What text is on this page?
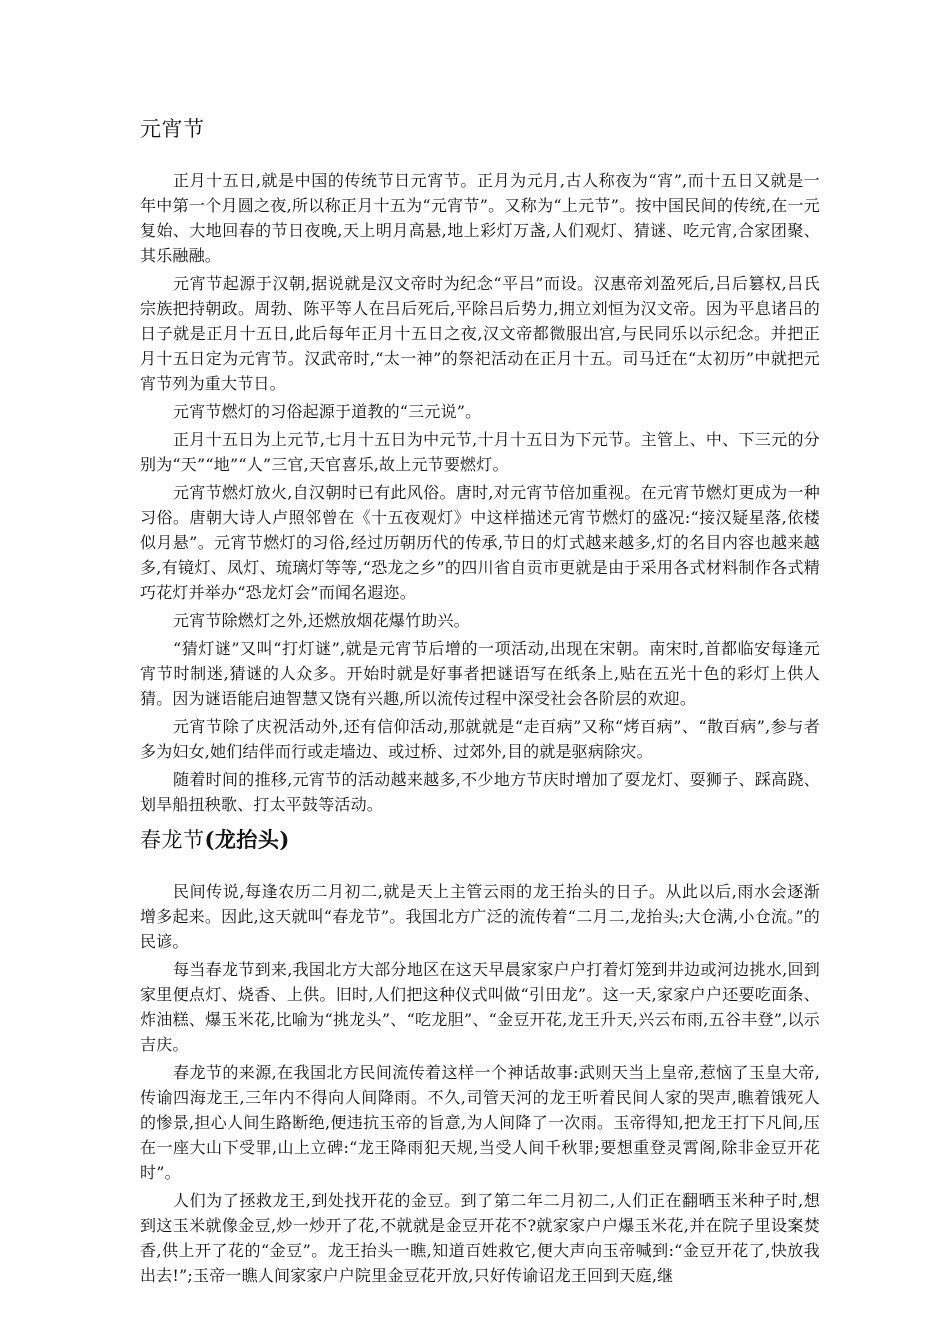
元宵节

正月十五日,就是中国的传统节日元宵节。正月为元月,古人称夜为“宵”,而十五日又就是一年中第一个月圆之夜,所以称正月十五为“元宵节”。又称为“上元节”。按中国民间的传统,在一元复始、大地回春的节日夜晚,天上明月高悬,地上彩灯万盏,人们观灯、猜谜、吃元宵,合家团聚、其乐融融。

元宵节起源于汉朝,据说就是汉文帝时为纪念“平吕”而设。汉惠帝刘盈死后,吕后篡权,吕氏宗族把持朝政。周勃、陈平等人在吕后死后,平除吕后势力,拥立刘恒为汉文帝。因为平息诸吕的日子就是正月十五日,此后每年正月十五日之夜,汉文帝都微服出宫,与民同乐以示纪念。并把正月十五日定为元宵节。汉武帝时,“太一神”的祭祀活动在正月十五。司马迁在“太初历”中就把元宵节列为重大节日。

元宵节燃灯的习俗起源于道教的“三元说”。

正月十五日为上元节,七月十五日为中元节,十月十五日为下元节。主管上、中、下三元的分别为“天”“地”“人”三官,天官喜乐,故上元节要燃灯。

元宵节燃灯放火,自汉朝时已有此风俗。唐时,对元宵节倍加重视。在元宵节燃灯更成为一种习俗。唐朝大诗人卢照邻曾在《十五夜观灯》中这样描述元宵节燃灯的盛况:“接汉疑星落,依楼似月悬”。元宵节燃灯的习俗,经过历朝历代的传承,节日的灯式越来越多,灯的名目内容也越来越多,有镜灯、凤灯、琉璃灯等等,“恐龙之乡”的四川省自贡市更就是由于采用各式材料制作各式精巧花灯并举办“恐龙灯会”而闻名遐迩。

元宵节除燃灯之外,还燃放烟花爆竹助兴。

“猜灯谜”又叫“打灯谜”,就是元宵节后增的一项活动,出现在宋朝。南宋时,首都临安每逢元宵节时制迷,猜谜的人众多。开始时就是好事者把谜语写在纸条上,贴在五光十色的彩灯上供人猜。因为谜语能启迪智慧又饶有兴趣,所以流传过程中深受社会各阶层的欢迎。

元宵节除了庆祝活动外,还有信仰活动,那就就是“走百病”又称“烤百病”、“散百病”,参与者多为妇女,她们结伴而行或走墙边、或过桥、过郊外,目的就是驱病除灾。

随着时间的推移,元宵节的活动越来越多,不少地方节庆时增加了耍龙灯、耍狮子、踩高跷、划旱船扭秧歌、打太平鼓等活动。

春龙节(龙抬头)

民间传说,每逢农历二月初二,就是天上主管云雨的龙王抬头的日子。从此以后,雨水会逐渐增多起来。因此,这天就叫“春龙节”。我国北方广泛的流传着“二月二,龙抬头;大仓满,小仓流。”的民谚。

每当春龙节到来,我国北方大部分地区在这天早晨家家户户打着灯笼到井边或河边挑水,回到家里便点灯、烧香、上供。旧时,人们把这种仪式叫做“引田龙”。这一天,家家户户还要吃面条、炸油糕、爆玉米花,比喻为“挑龙头”、“吃龙胆”、“金豆开花,龙王升天,兴云布雨,五谷丰登”,以示吉庆。

春龙节的来源,在我国北方民间流传着这样一个神话故事:武则天当上皇帝,惹恼了玉皇大帝,传谕四海龙王,三年内不得向人间降雨。不久,司管天河的龙王听着民间人家的哭声,瞧着饿死人的惨景,担心人间生路断绝,便违抗玉帝的旨意,为人间降了一次雨。玉帝得知,把龙王打下凡间,压在一座大山下受罪,山上立碑:“龙王降雨犯天规,当受人间千秋罪;要想重登灵霄阁,除非金豆开花时”。

人们为了拯救龙王,到处找开花的金豆。到了第二年二月初二,人们正在翻晒玉米种子时,想到这玉米就像金豆,炒一炒开了花,不就就是金豆开花不?就家家户户爆玉米花,并在院子里设案焚香,供上开了花的“金豆”。龙王抬头一瞧,知道百姓救它,便大声向玉帝喊到:“金豆开花了,快放我出去!”;玉帝一瞧人间家家户户院里金豆花开放,只好传谕诏龙王回到天庭,继
